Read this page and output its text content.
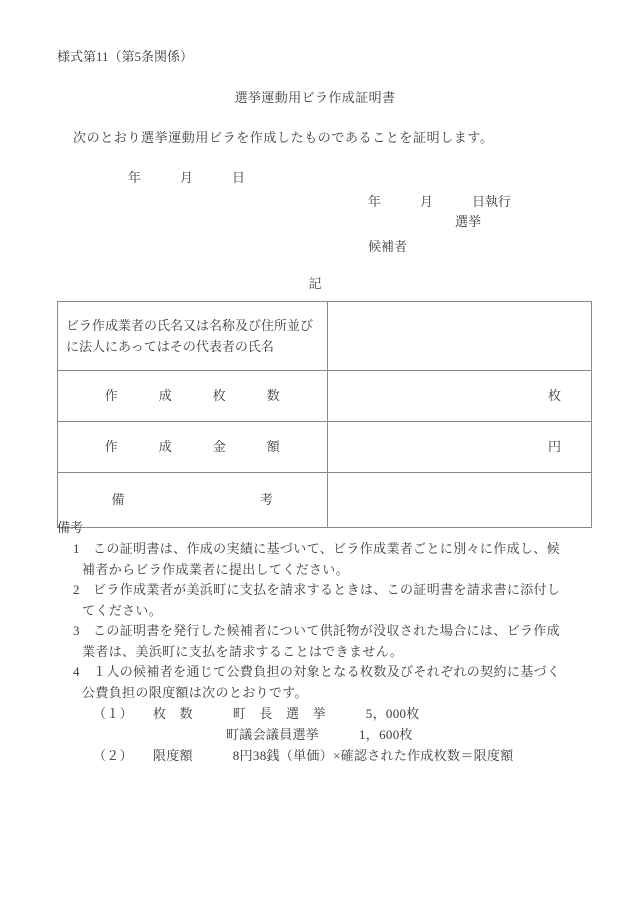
様式第11（第5条関係）
選挙運動用ビラ作成証明書
次のとおり選挙運動用ビラを作成したものであることを証明します。
年　　　月　　　日
年　　　月　　　日執行
選挙
候補者
記
ビラ作成業者の氏名又は名称及び住所並びに法人にあってはその代表者の氏名	
作　　　成　　　枚　　　数	枚
作　　　成　　　金　　　額	円
備　　　　　　　　　　考	
備考
1 この証明書は、作成の実績に基づいて、ビラ作成業者ごとに別々に作成し、候
補者からビラ作成業者に提出してください。
2 ビラ作成業者が美浜町に支払を請求するときは、この証明書を請求書に添付し
てください。
3 この証明書を発行した候補者について供託物が没収された場合には、ビラ作成
業者は、美浜町に支払を請求することはできません。
4 １人の候補者を通じて公費負担の対象となる枚数及びそれぞれの契約に基づく
公費負担の限度額は次のとおりです。
（１）　　枚　数　　　町　長　選　挙　　　5，000枚
　　　　　　　　　　町議会議員選挙　　　1，600枚
（２）　　限度額　　　8円38銭（単価）×確認された作成枚数＝限度額
